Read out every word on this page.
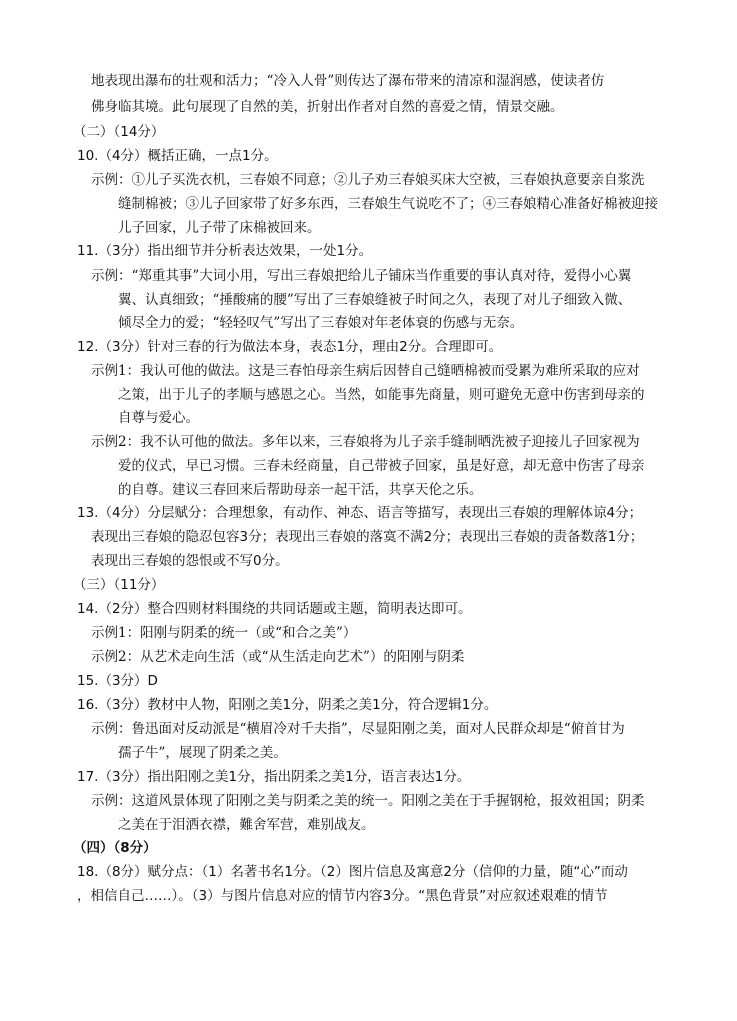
地表现出瀑布的壮观和活力；“冷入人骨”则传达了瀑布带来的清凉和湿润感，使读者仿
佛身临其境。此句展现了自然的美，折射出作者对自然的喜爱之情，情景交融。
（二）（14分）
10.（4分）概括正确，一点1分。
示例：①儿子买洗衣机，三春娘不同意；②儿子劝三春娘买床大空被，三春娘执意要亲自浆洗
缝制棉被；③儿子回家带了好多东西，三春娘生气说吃不了；④三春娘精心准备好棉被迎接
儿子回家，儿子带了床棉被回来。
11.（3分）指出细节并分析表达效果，一处1分。
示例：“郑重其事”大词小用，写出三春娘把给儿子铺床当作重要的事认真对待，爱得小心翼
翼、认真细致；“捶酸痛的腰”写出了三春娘缝被子时间之久，表现了对儿子细致入微、
倾尽全力的爱；“轻轻叹气”写出了三春娘对年老体衰的伤感与无奈。
12.（3分）针对三春的行为做法本身，表态1分，理由2分。合理即可。
示例1：我认可他的做法。这是三春怕母亲生病后因替自己缝晒棉被而受累为难所采取的应对
之策，出于儿子的孝顺与感恩之心。当然，如能事先商量，则可避免无意中伤害到母亲的
自尊与爱心。
示例2：我不认可他的做法。多年以来，三春娘将为儿子亲手缝制晒洗被子迎接儿子回家视为
爱的仪式，早已习惯。三春未经商量，自己带被子回家，虽是好意，却无意中伤害了母亲
的自尊。建议三春回来后帮助母亲一起干活，共享天伦之乐。
13.（4分）分层赋分：合理想象，有动作、神态、语言等描写，表现出三春娘的理解体谅4分；
表现出三春娘的隐忍包容3分；表现出三春娘的落寞不满2分；表现出三春娘的责备数落1分；
表现出三春娘的怨恨或不写0分。
（三）（11分）
14.（2分）整合四则材料围绕的共同话题或主题，简明表达即可。
示例1：阳刚与阴柔的统一（或“和合之美”）
示例2：从艺术走向生活（或“从生活走向艺术”）的阳刚与阴柔
15.（3分）D
16.（3分）教材中人物，阳刚之美1分，阴柔之美1分，符合逻辑1分。
示例：鲁迅面对反动派是“横眉冷对千夫指”，尽显阳刚之美，面对人民群众却是“俯首甘为
孺子牛”，展现了阴柔之美。
17.（3分）指出阳刚之美1分，指出阴柔之美1分，语言表达1分。
示例：这道风景体现了阳刚之美与阴柔之美的统一。阳刚之美在于手握钢枪，报效祖国；阴柔
之美在于泪洒衣襟，難舍军营，难别战友。
（四）（8分）
18.（8分）赋分点：（1）名著书名1分。（2）图片信息及寓意2分（信仰的力量，随“心”而动
，相信自己……）。（3）与图片信息对应的情节内容3分。“黑色背景”对应叙述艰难的情节
